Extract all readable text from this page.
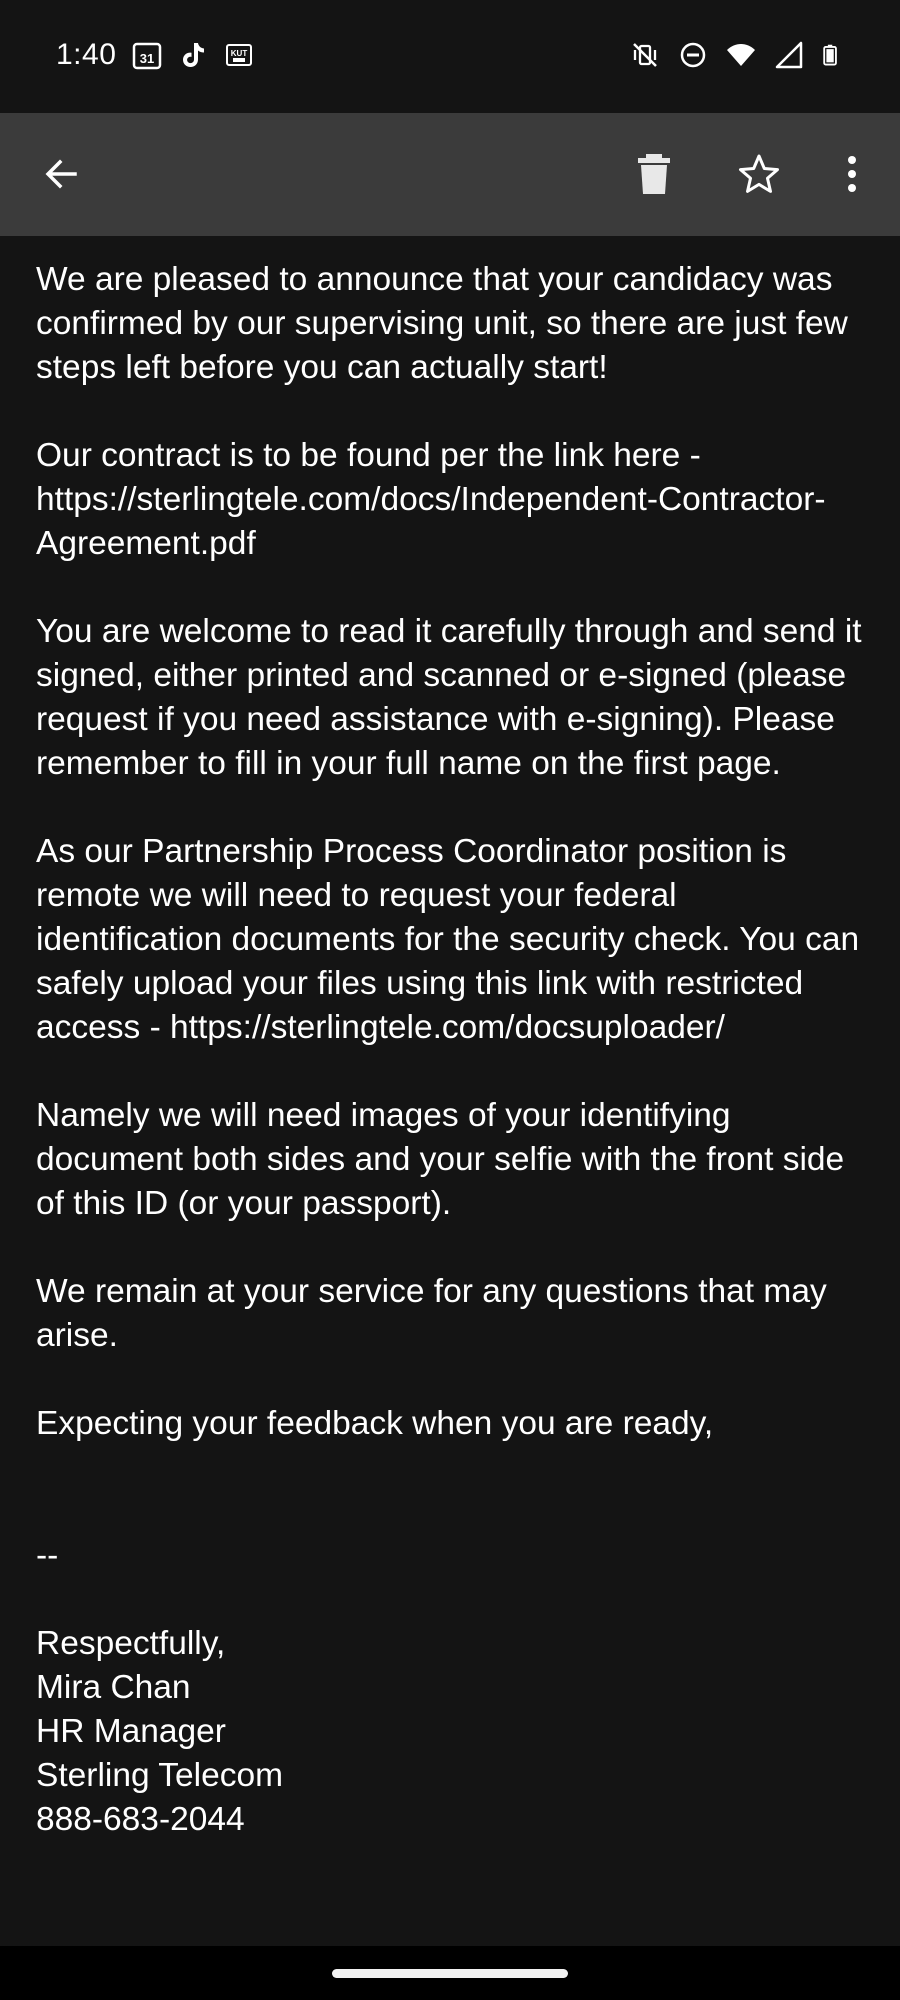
1:40 31	KUT

We are pleased to announce that your candidacy was confirmed by our supervising unit, so there are just few steps left before you can actually start!

Our contract is to be found per the link here - https://sterlingtele.com/docs/Independent-Contractor-Agreement.pdf

You are welcome to read it carefully through and send it signed, either printed and scanned or e-signed (please request if you need assistance with e-signing). Please remember to fill in your full name on the first page.

As our Partnership Process Coordinator position is remote we will need to request your federal identification documents for the security check. You can safely upload your files using this link with restricted access - https://sterlingtele.com/docsuploader/

Namely we will need images of your identifying document both sides and your selfie with the front side of this ID (or your passport).

We remain at your service for any questions that may arise.

Expecting your feedback when you are ready,

--

Respectfully,
Mira Chan
HR Manager
Sterling Telecom
888-683-2044
